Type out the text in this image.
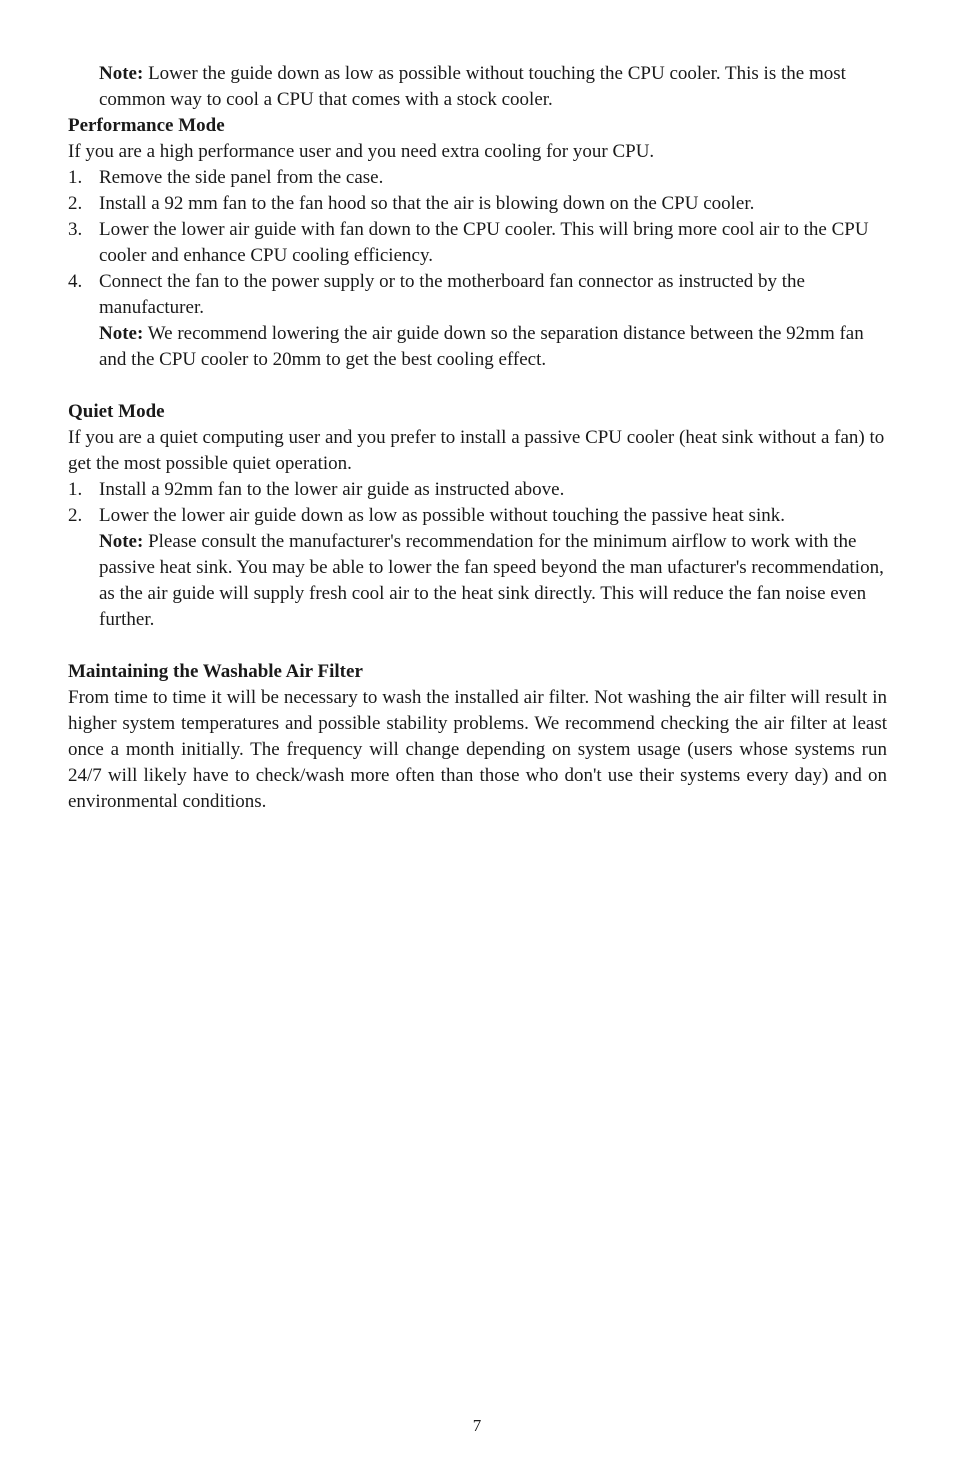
Note: Lower the guide down as low as possible without touching the CPU cooler. This is the most common way to cool a CPU that comes with a stock cooler.
Performance Mode
If you are a high performance user and you need extra cooling for your CPU.
1. Remove the side panel from the case.
2. Install a 92 mm fan to the fan hood so that the air is blowing down on the CPU cooler.
3. Lower the lower air guide with fan down to the CPU cooler. This will bring more cool air to the CPU cooler and enhance CPU cooling efficiency.
4. Connect the fan to the power supply or to the motherboard fan connector as instructed by the manufacturer.
Note: We recommend lowering the air guide down so the separation distance between the 92mm fan and the CPU cooler to 20mm to get the best cooling effect.
Quiet Mode
If you are a quiet computing user and you prefer to install a passive CPU cooler (heat sink without a fan) to get the most possible quiet operation.
1. Install a 92mm fan to the lower air guide as instructed above.
2. Lower the lower air guide down as low as possible without touching the passive heat sink.
Note: Please consult the manufacturer's recommendation for the minimum airflow to work with the passive heat sink. You may be able to lower the fan speed beyond the man ufacturer's recommendation, as the air guide will supply fresh cool air to the heat sink directly. This will reduce the fan noise even further.
Maintaining the Washable Air Filter
From time to time it will be necessary to wash the installed air filter. Not washing the air filter will result in higher system temperatures and possible stability problems. We recommend checking the air filter at least once a month initially. The frequency will change depending on system usage (users whose systems run 24/7 will likely have to check/wash more often than those who don't use their systems every day) and on environmental conditions.
7
